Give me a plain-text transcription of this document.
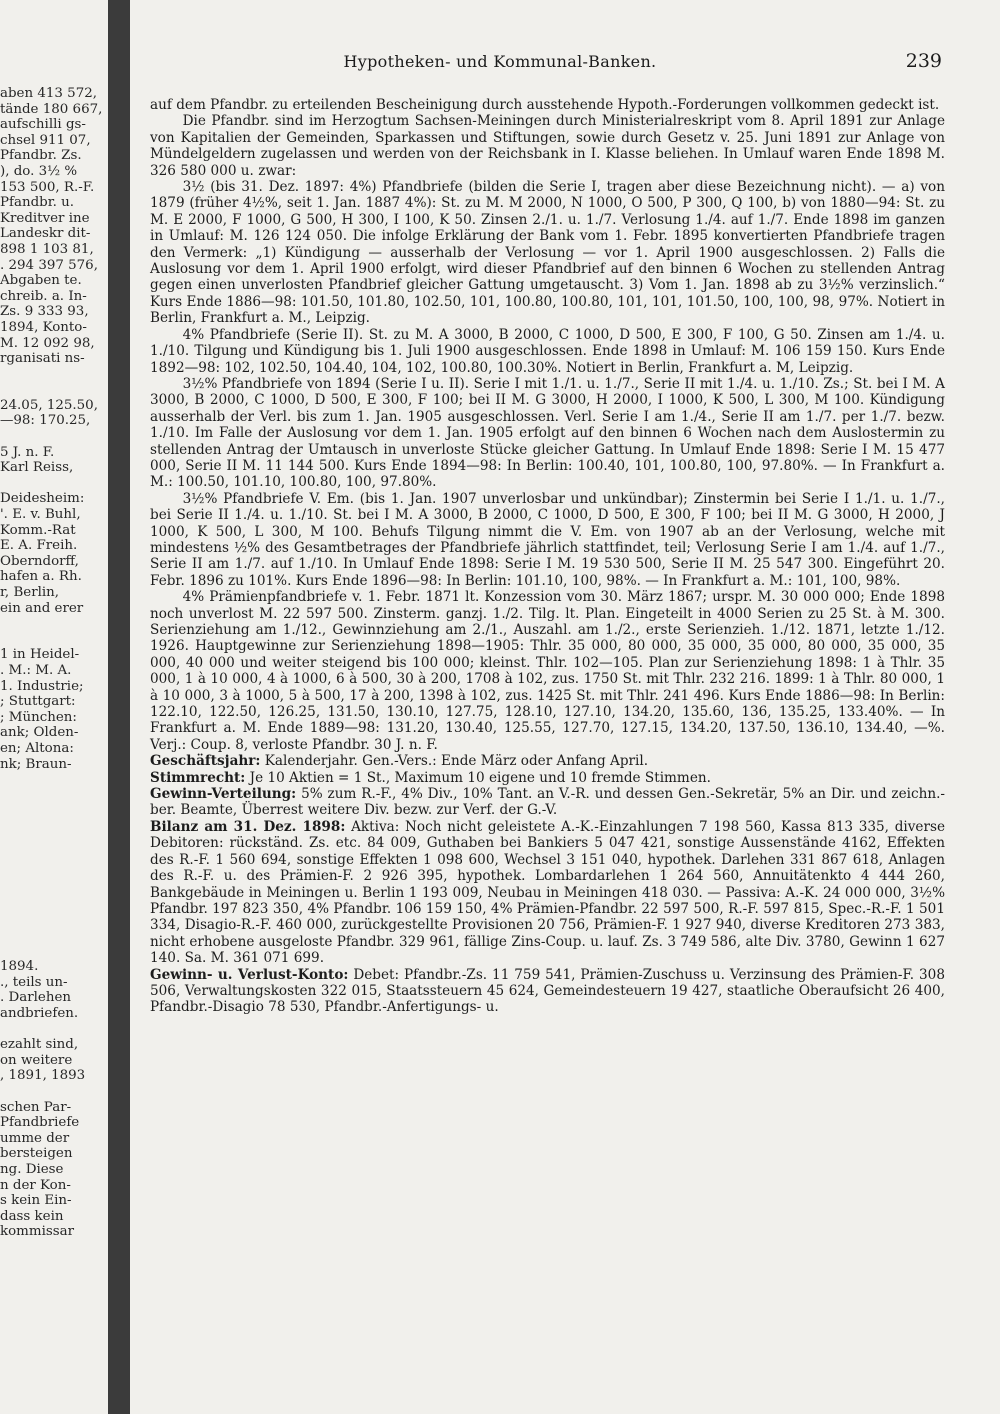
aben 413 572,
tände 180 667,
aufschilli gs-
chsel 911 07,
Pfandbr. Zs.
), do. 3½ %
153 500, R.-F.
Pfandbr. u.
Kreditver ine
Landeskr dit-
898 1 103 81,
. 294 397 576,
Abgaben te.
chreib. a. In-
Zs. 9 333 93,
1894, Konto-
M. 12 092 98,
rganisati ns-
24.05, 125.50,
—98: 170.25,
5 J. n. F.
Karl Reiss,
Deidesheim:
'. E. v. Buhl,
Komm.-Rat
E. A. Freih.
Oberndorff,
hafen a. Rh.
r, Berlin,
ein and erer
1 in Heidel-
. M.: M. A.
1. Industrie;
; Stuttgart:
; München:
ank; Olden-
en; Altona:
nk; Braun-
1894.
., teils un-
. Darlehen
andbriefen.
ezahlt sind,
on weitere
, 1891, 1893
schen Par-
Pfandbriefe
umme der
bersteigen
ng. Diese
n der Kon-
s kein Ein-
dass kein
kommissar
Hypotheken- und Kommunal-Banken.	239

auf dem Pfandbr. zu erteilenden Bescheinigung durch ausstehende Hypoth.-Forderungen vollkommen gedeckt ist.

Die Pfandbr. sind im Herzogtum Sachsen-Meiningen durch Ministerialreskript vom 8. April 1891 zur Anlage von Kapitalien der Gemeinden, Sparkassen und Stiftungen, sowie durch Gesetz v. 25. Juni 1891 zur Anlage von Mündelgeldern zugelassen und werden von der Reichsbank in I. Klasse beliehen. In Umlauf waren Ende 1898 M. 326 580 000 u. zwar:

3½ (bis 31. Dez. 1897: 4%) Pfandbriefe (bilden die Serie I, tragen aber diese Bezeichnung nicht). — a) von 1879 (früher 4½%, seit 1. Jan. 1887 4%): St. zu M. M 2000, N 1000, O 500, P 300, Q 100, b) von 1880—94: St. zu M. E 2000, F 1000, G 500, H 300, I 100, K 50. Zinsen 2./1. u. 1./7. Verlosung 1./4. auf 1./7. Ende 1898 im ganzen in Umlauf: M. 126 124 050. Die infolge Erklärung der Bank vom 1. Febr. 1895 konvertierten Pfandbriefe tragen den Vermerk: „1) Kündigung — ausserhalb der Verlosung — vor 1. April 1900 ausgeschlossen. 2) Falls die Auslosung vor dem 1. April 1900 erfolgt, wird dieser Pfandbrief auf den binnen 6 Wochen zu stellenden Antrag gegen einen unverlosten Pfandbrief gleicher Gattung umgetauscht. 3) Vom 1. Jan. 1898 ab zu 3½% verzinslich.“ Kurs Ende 1886—98: 101.50, 101.80, 102.50, 101, 100.80, 100.80, 101, 101, 101.50, 100, 100, 98, 97%. Notiert in Berlin, Frankfurt a. M., Leipzig.

4% Pfandbriefe (Serie II). St. zu M. A 3000, B 2000, C 1000, D 500, E 300, F 100, G 50. Zinsen am 1./4. u. 1./10. Tilgung und Kündigung bis 1. Juli 1900 ausgeschlossen. Ende 1898 in Umlauf: M. 106 159 150. Kurs Ende 1892—98: 102, 102.50, 104.40, 104, 102, 100.80, 100.30%. Notiert in Berlin, Frankfurt a. M, Leipzig.

3½% Pfandbriefe von 1894 (Serie I u. II). Serie I mit 1./1. u. 1./7., Serie II mit 1./4. u. 1./10. Zs.; St. bei I M. A 3000, B 2000, C 1000, D 500, E 300, F 100; bei II M. G 3000, H 2000, I 1000, K 500, L 300, M 100. Kündigung ausserhalb der Verl. bis zum 1. Jan. 1905 ausgeschlossen. Verl. Serie I am 1./4., Serie II am 1./7. per 1./7. bezw. 1./10. Im Falle der Auslosung vor dem 1. Jan. 1905 erfolgt auf den binnen 6 Wochen nach dem Auslostermin zu stellenden Antrag der Umtausch in unverloste Stücke gleicher Gattung. In Umlauf Ende 1898: Serie I M. 15 477 000, Serie II M. 11 144 500. Kurs Ende 1894—98: In Berlin: 100.40, 101, 100.80, 100, 97.80%. — In Frankfurt a. M.: 100.50, 101.10, 100.80, 100, 97.80%.

3½% Pfandbriefe V. Em. (bis 1. Jan. 1907 unverlosbar und unkündbar); Zinstermin bei Serie I 1./1. u. 1./7., bei Serie II 1./4. u. 1./10. St. bei I M. A 3000, B 2000, C 1000, D 500, E 300, F 100; bei II M. G 3000, H 2000, J 1000, K 500, L 300, M 100. Behufs Tilgung nimmt die V. Em. von 1907 ab an der Verlosung, welche mit mindestens ½% des Gesamtbetrages der Pfandbriefe jährlich stattfindet, teil; Verlosung Serie I am 1./4. auf 1./7., Serie II am 1./7. auf 1./10. In Umlauf Ende 1898: Serie I M. 19 530 500, Serie II M. 25 547 300. Eingeführt 20. Febr. 1896 zu 101%. Kurs Ende 1896—98: In Berlin: 101.10, 100, 98%. — In Frankfurt a. M.: 101, 100, 98%.

4% Prämienpfandbriefe v. 1. Febr. 1871 lt. Konzession vom 30. März 1867; urspr. M. 30 000 000; Ende 1898 noch unverlost M. 22 597 500. Zinsterm. ganzj. 1./2. Tilg. lt. Plan. Eingeteilt in 4000 Serien zu 25 St. à M. 300. Serienziehung am 1./12., Gewinnziehung am 2./1., Auszahl. am 1./2., erste Serienzieh. 1./12. 1871, letzte 1./12. 1926. Hauptgewinne zur Serienziehung 1898—1905: Thlr. 35 000, 80 000, 35 000, 35 000, 80 000, 35 000, 35 000, 40 000 und weiter steigend bis 100 000; kleinst. Thlr. 102—105. Plan zur Serienziehung 1898: 1 à Thlr. 35 000, 1 à 10 000, 4 à 1000, 6 à 500, 30 à 200, 1708 à 102, zus. 1750 St. mit Thlr. 232 216. 1899: 1 à Thlr. 80 000, 1 à 10 000, 3 à 1000, 5 à 500, 17 à 200, 1398 à 102, zus. 1425 St. mit Thlr. 241 496. Kurs Ende 1886—98: In Berlin: 122.10, 122.50, 126.25, 131.50, 130.10, 127.75, 128.10, 127.10, 134.20, 135.60, 136, 135.25, 133.40%. — In Frankfurt a. M. Ende 1889—98: 131.20, 130.40, 125.55, 127.70, 127.15, 134.20, 137.50, 136.10, 134.40, —%. Verj.: Coup. 8, verloste Pfandbr. 30 J. n. F.

Geschäftsjahr: Kalenderjahr. Gen.-Vers.: Ende März oder Anfang April.

Stimmrecht: Je 10 Aktien = 1 St., Maximum 10 eigene und 10 fremde Stimmen.

Gewinn-Verteilung: 5% zum R.-F., 4% Div., 10% Tant. an V.-R. und dessen Gen.-Sekretär, 5% an Dir. und zeichn.-ber. Beamte, Überrest weitere Div. bezw. zur Verf. der G.-V.

Bilanz am 31. Dez. 1898: Aktiva: Noch nicht geleistete A.-K.-Einzahlungen 7 198 560, Kassa 813 335, diverse Debitoren: rückständ. Zs. etc. 84 009, Guthaben bei Bankiers 5 047 421, sonstige Aussenstände 4162, Effekten des R.-F. 1 560 694, sonstige Effekten 1 098 600, Wechsel 3 151 040, hypothek. Darlehen 331 867 618, Anlagen des R.-F. u. des Prämien-F. 2 926 395, hypothek. Lombardarlehen 1 264 560, Annuitätenkto 4 444 260, Bankgebäude in Meiningen u. Berlin 1 193 009, Neubau in Meiningen 418 030. — Passiva: A.-K. 24 000 000, 3½% Pfandbr. 197 823 350, 4% Pfandbr. 106 159 150, 4% Prämien-Pfandbr. 22 597 500, R.-F. 597 815, Spec.-R.-F. 1 501 334, Disagio-R.-F. 460 000, zurückgestellte Provisionen 20 756, Prämien-F. 1 927 940, diverse Kreditoren 273 383, nicht erhobene ausgeloste Pfandbr. 329 961, fällige Zins-Coup. u. lauf. Zs. 3 749 586, alte Div. 3780, Gewinn 1 627 140. Sa. M. 361 071 699.

Gewinn- u. Verlust-Konto: Debet: Pfandbr.-Zs. 11 759 541, Prämien-Zuschuss u. Verzinsung des Prämien-F. 308 506, Verwaltungskosten 322 015, Staatssteuern 45 624, Gemeindesteuern 19 427, staatliche Oberaufsicht 26 400, Pfandbr.-Disagio 78 530, Pfandbr.-Anfertigungs- u.
